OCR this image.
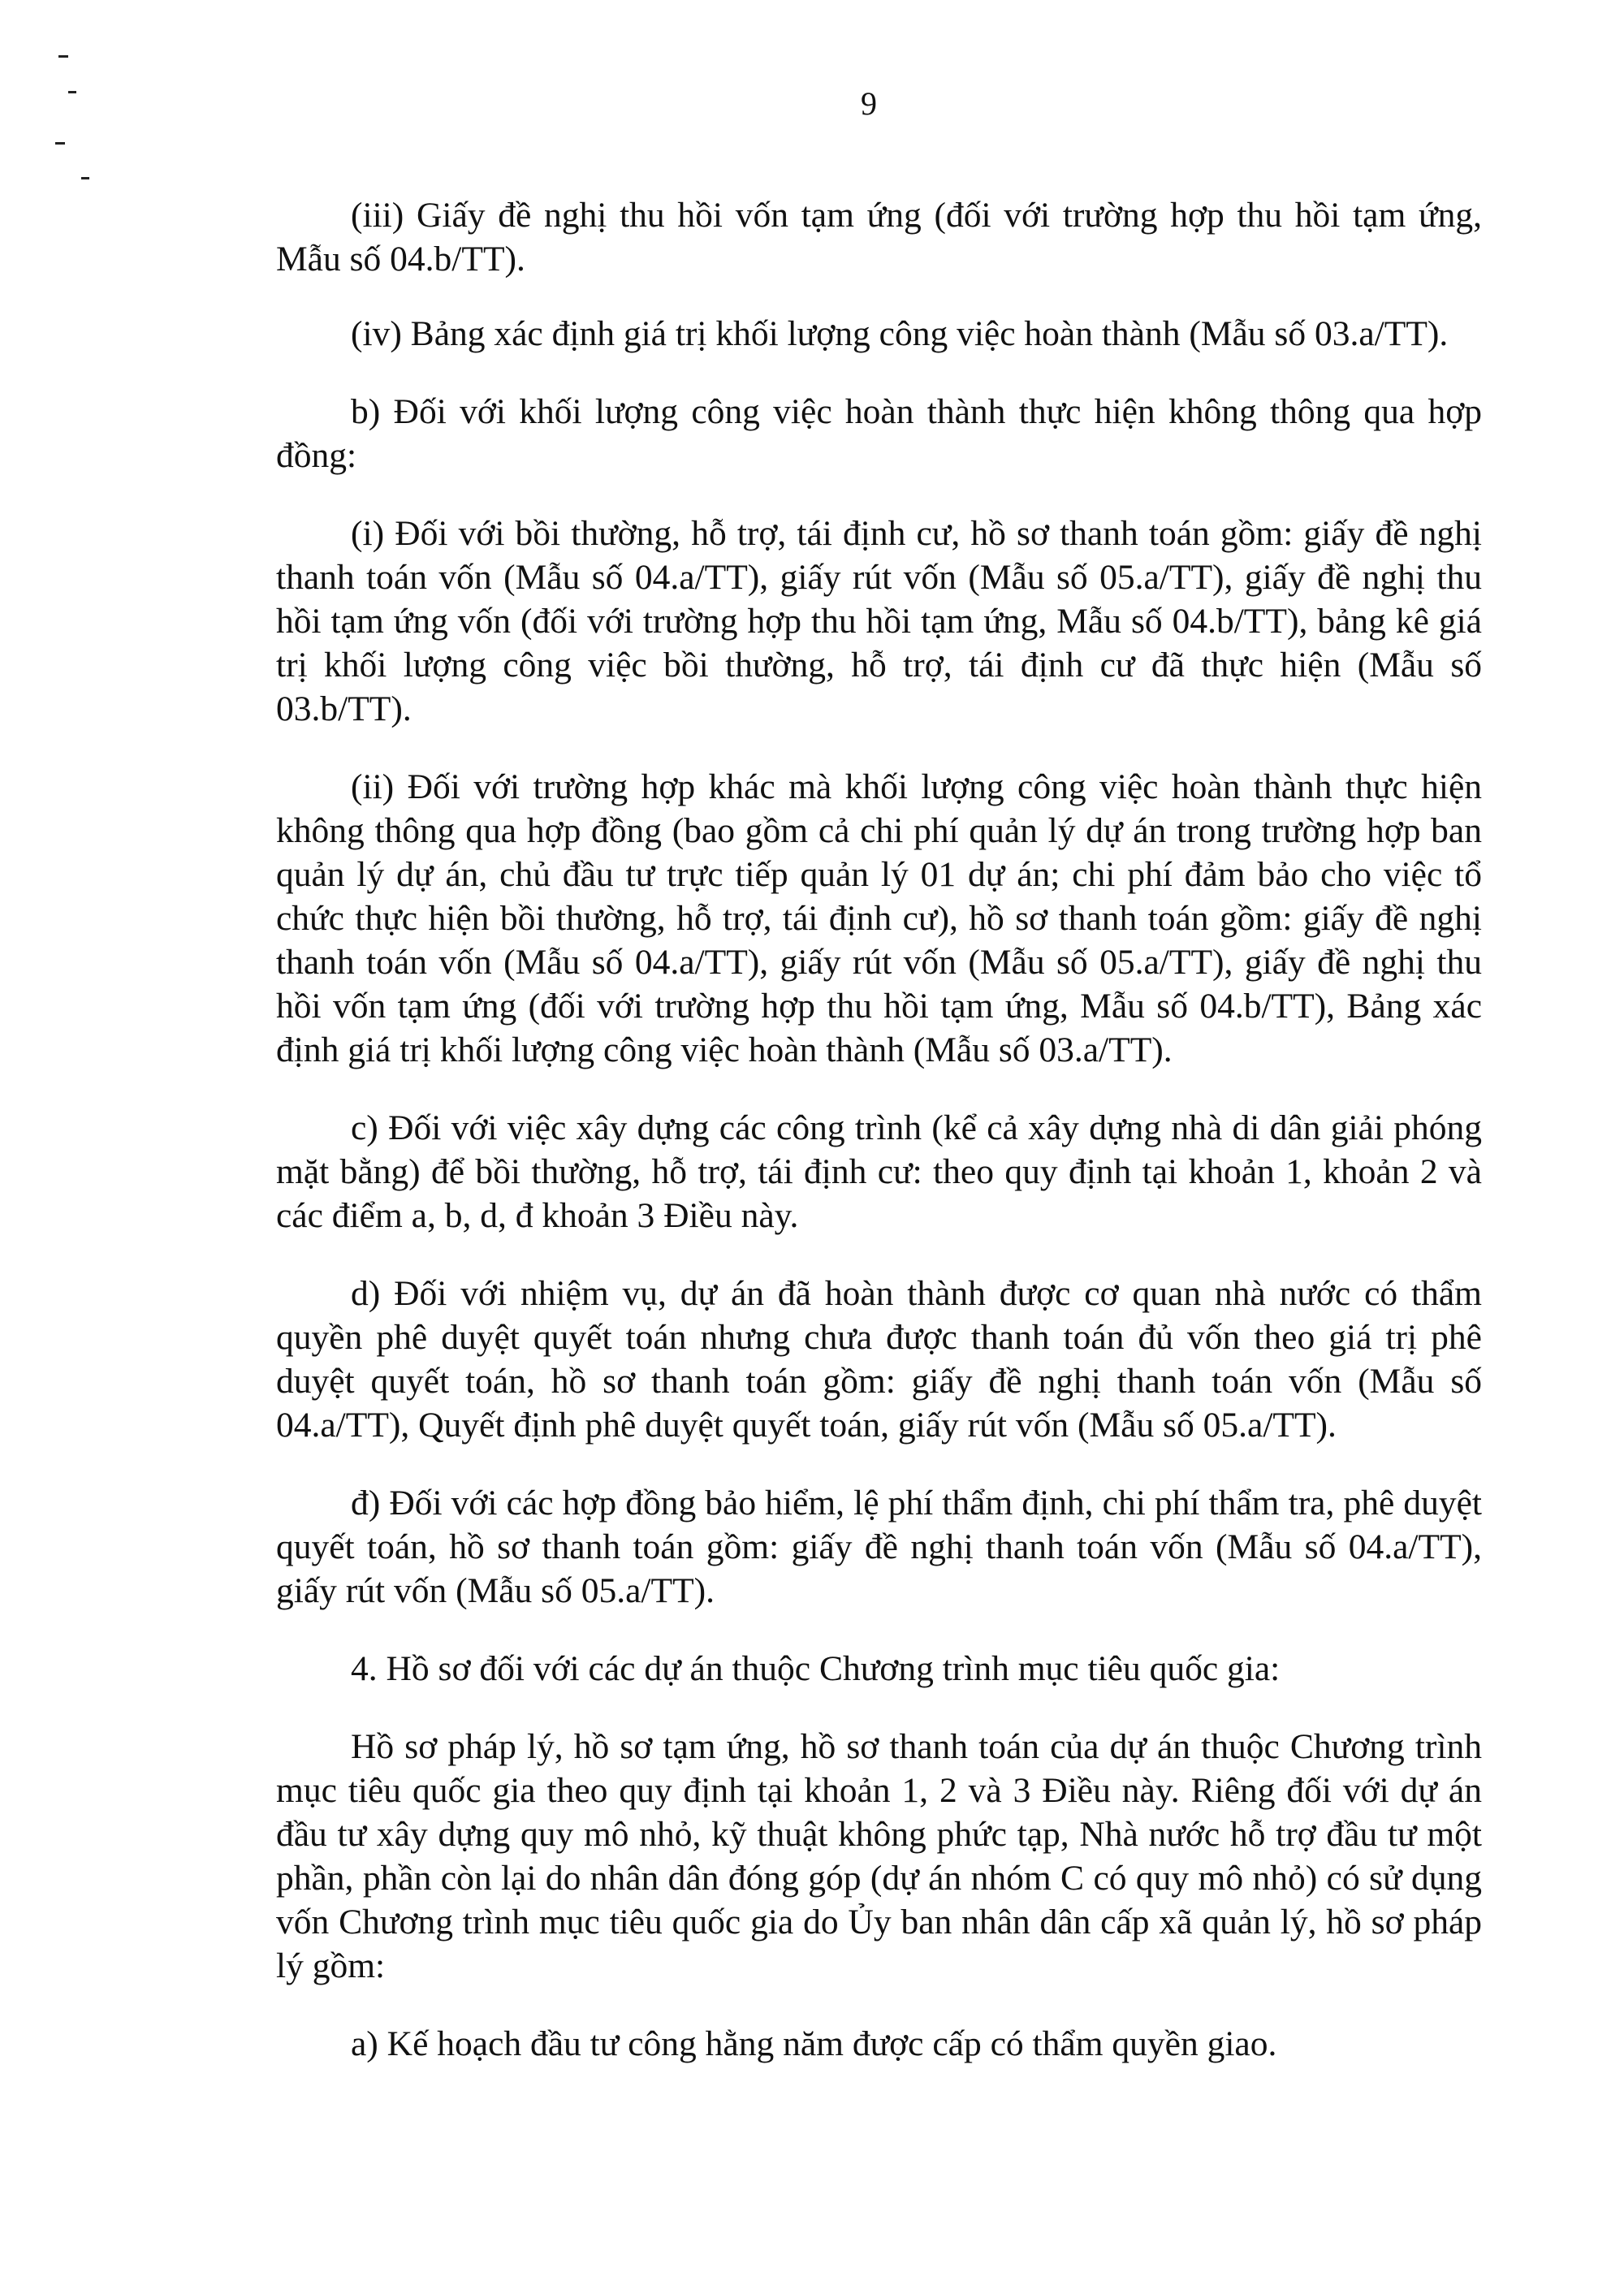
9

(iii) Giấy đề nghị thu hồi vốn tạm ứng (đối với trường hợp thu hồi tạm ứng, Mẫu số 04.b/TT).

(iv) Bảng xác định giá trị khối lượng công việc hoàn thành (Mẫu số 03.a/TT).

b) Đối với khối lượng công việc hoàn thành thực hiện không thông qua hợp đồng:

(i) Đối với bồi thường, hỗ trợ, tái định cư, hồ sơ thanh toán gồm: giấy đề nghị thanh toán vốn (Mẫu số 04.a/TT), giấy rút vốn (Mẫu số 05.a/TT), giấy đề nghị thu hồi tạm ứng vốn (đối với trường hợp thu hồi tạm ứng, Mẫu số 04.b/TT), bảng kê giá trị khối lượng công việc bồi thường, hỗ trợ, tái định cư đã thực hiện (Mẫu số 03.b/TT).

(ii) Đối với trường hợp khác mà khối lượng công việc hoàn thành thực hiện không thông qua hợp đồng (bao gồm cả chi phí quản lý dự án trong trường hợp ban quản lý dự án, chủ đầu tư trực tiếp quản lý 01 dự án; chi phí đảm bảo cho việc tổ chức thực hiện bồi thường, hỗ trợ, tái định cư), hồ sơ thanh toán gồm: giấy đề nghị thanh toán vốn (Mẫu số 04.a/TT), giấy rút vốn (Mẫu số 05.a/TT), giấy đề nghị thu hồi vốn tạm ứng (đối với trường hợp thu hồi tạm ứng, Mẫu số 04.b/TT), Bảng xác định giá trị khối lượng công việc hoàn thành (Mẫu số 03.a/TT).

c) Đối với việc xây dựng các công trình (kể cả xây dựng nhà di dân giải phóng mặt bằng) để bồi thường, hỗ trợ, tái định cư: theo quy định tại khoản 1, khoản 2 và các điểm a, b, d, đ khoản 3 Điều này.

d) Đối với nhiệm vụ, dự án đã hoàn thành được cơ quan nhà nước có thẩm quyền phê duyệt quyết toán nhưng chưa được thanh toán đủ vốn theo giá trị phê duyệt quyết toán, hồ sơ thanh toán gồm: giấy đề nghị thanh toán vốn (Mẫu số 04.a/TT), Quyết định phê duyệt quyết toán, giấy rút vốn (Mẫu số 05.a/TT).

đ) Đối với các hợp đồng bảo hiểm, lệ phí thẩm định, chi phí thẩm tra, phê duyệt quyết toán, hồ sơ thanh toán gồm: giấy đề nghị thanh toán vốn (Mẫu số 04.a/TT), giấy rút vốn (Mẫu số 05.a/TT).

4. Hồ sơ đối với các dự án thuộc Chương trình mục tiêu quốc gia:

Hồ sơ pháp lý, hồ sơ tạm ứng, hồ sơ thanh toán của dự án thuộc Chương trình mục tiêu quốc gia theo quy định tại khoản 1, 2 và 3 Điều này. Riêng đối với dự án đầu tư xây dựng quy mô nhỏ, kỹ thuật không phức tạp, Nhà nước hỗ trợ đầu tư một phần, phần còn lại do nhân dân đóng góp (dự án nhóm C có quy mô nhỏ) có sử dụng vốn Chương trình mục tiêu quốc gia do Ủy ban nhân dân cấp xã quản lý, hồ sơ pháp lý gồm:

a) Kế hoạch đầu tư công hằng năm được cấp có thẩm quyền giao.
